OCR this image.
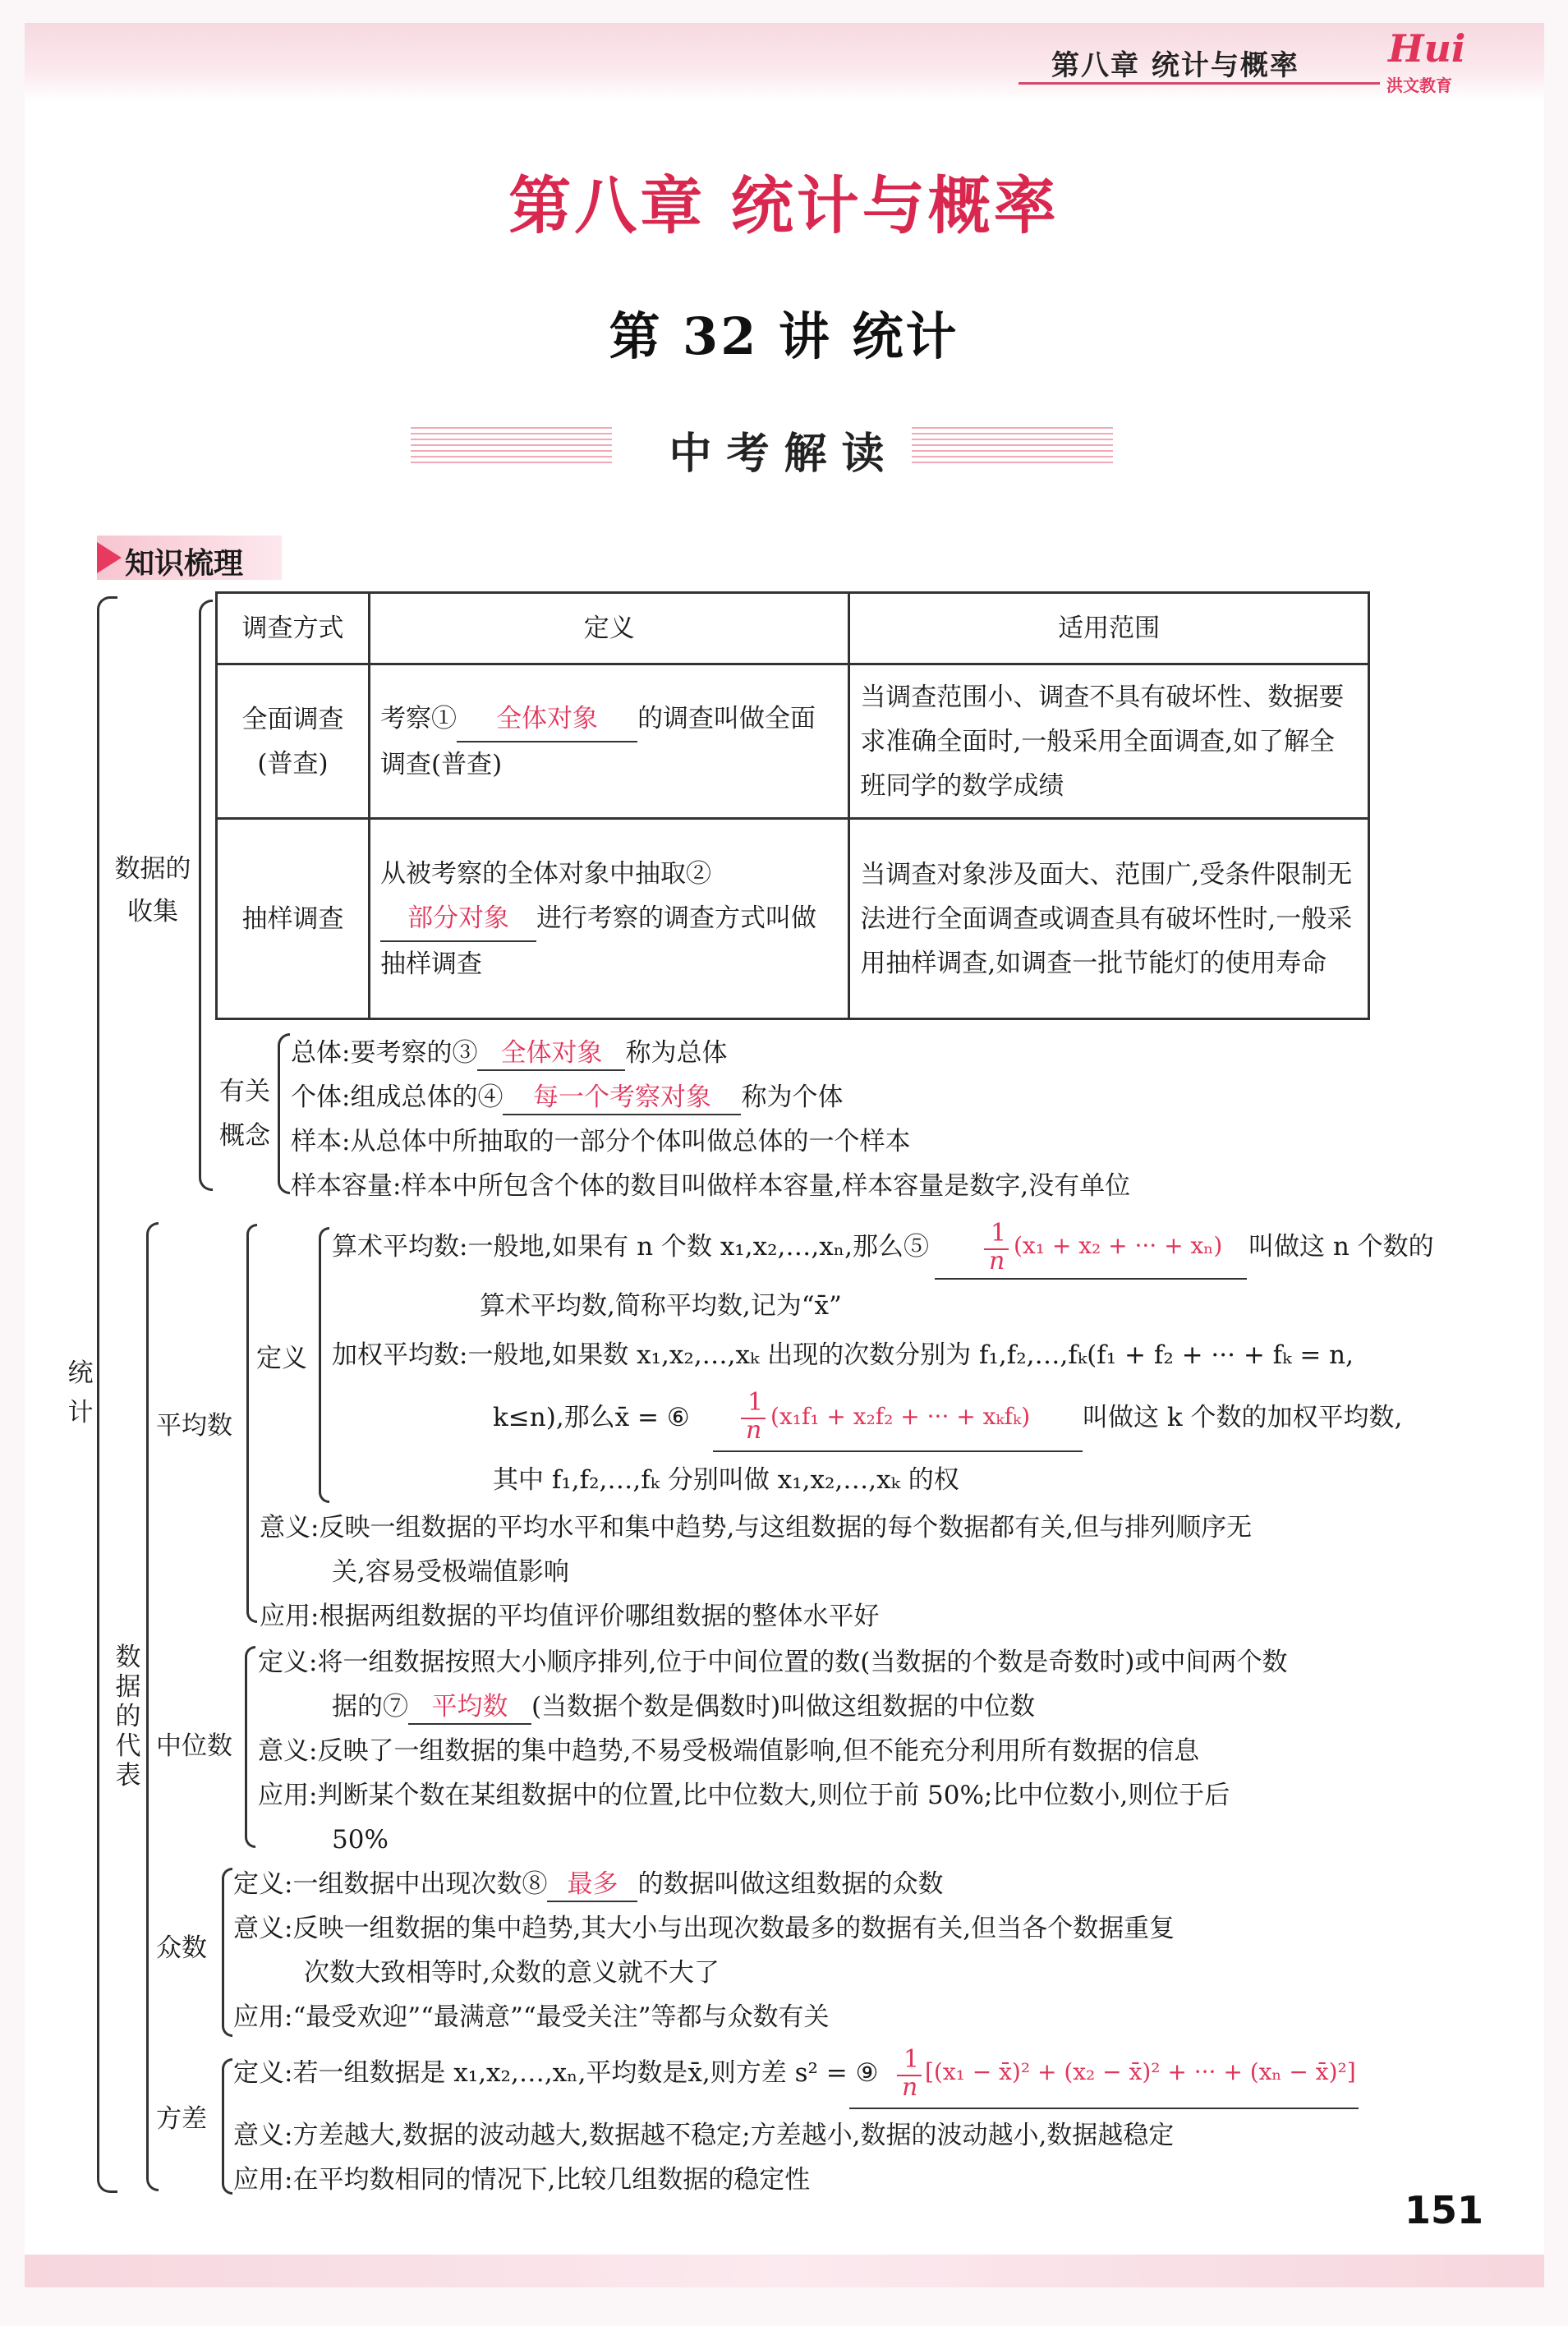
第八章 统计与概率 Hui
洪文教育
第八章 统计与概率
第 32 讲 统计
中考解读
知识梳理
统计
数据的收集
调查方式	定义	适用范围
全面调查(普查)	考察① 全体对象 的调查叫做全面调查(普查)	当调查范围小、调查不具有破坏性、数据要求准确全面时,一般采用全面调查,如了解全班同学的数学成绩
抽样调查	从被考察的全体对象中抽取②部分对象 进行考察的调查方式叫做抽样调查	当调查对象涉及面大、范围广,受条件限制无法进行全面调查或调查具有破坏性时,一般采用抽样调查,如调查一批节能灯的使用寿命
有关概念
总体:要考察的③ 全体对象 称为总体
个体:组成总体的④ 每一个考察对象 称为个体
样本:从总体中所抽取的一部分个体叫做总体的一个样本
样本容量:样本中所包含个体的数目叫做样本容量,样本容量是数字,没有单位
数据的代表
平均数
定义
算术平均数:一般地,如果有 n 个数 x₁,x₂,…,xₙ,那么⑤	1
n
(x₁ + x₂ + ··· + xₙ) 叫做这 n 个数的
算术平均数,简称平均数,记为“x̄”
加权平均数:一般地,如果数 x₁,x₂,…,xₖ 出现的次数分别为 f₁,f₂,…,fₖ(f₁ + f₂ + ··· + fₖ = n,
k≤n),那么x̄ = ⑥
1
n (x₁f₁ + x₂f₂ + ··· + xₖfₖ) 叫做这 k 个数的加权平均数,
其中 f₁,f₂,…,fₖ 分别叫做 x₁,x₂,…,xₖ 的权
意义:反映一组数据的平均水平和集中趋势,与这组数据的每个数据都有关,但与排列顺序无
关,容易受极端值影响
应用:根据两组数据的平均值评价哪组数据的整体水平好
中位数
定义:将一组数据按照大小顺序排列,位于中间位置的数(当数据的个数是奇数时)或中间两个数
据的⑦ 平均数 (当数据个数是偶数时)叫做这组数据的中位数
意义:反映了一组数据的集中趋势,不易受极端值影响,但不能充分利用所有数据的信息
应用:判断某个数在某组数据中的位置,比中位数大,则位于前 50%;比中位数小,则位于后
50%
众数
定义:一组数据中出现次数⑧ 最多 的数据叫做这组数据的众数
意义:反映一组数据的集中趋势,其大小与出现次数最多的数据有关,但当各个数据重复
次数大致相等时,众数的意义就不大了
应用:“最受欢迎”“最满意”“最受关注”等都与众数有关
方差
定义:若一组数据是 x₁,x₂,…,xₙ,平均数是x̄,则方差 s² = ⑨ 1
n
[(x₁ − x̄)² + (x₂ − x̄)² + ··· + (xₙ − x̄)²]
意义:方差越大,数据的波动越大,数据越不稳定;方差越小,数据的波动越小,数据越稳定
应用:在平均数相同的情况下,比较几组数据的稳定性
151
